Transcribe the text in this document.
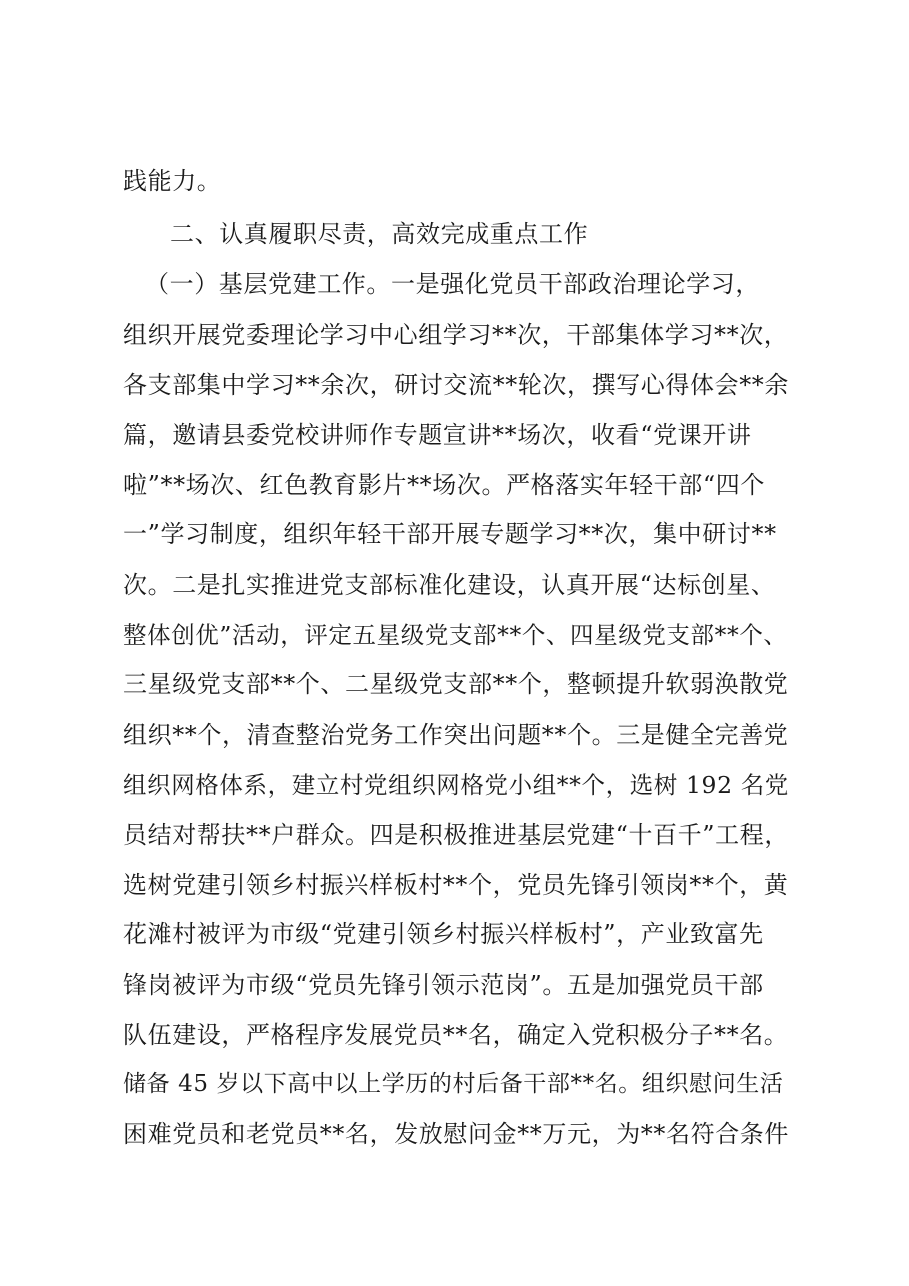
践能力。
二、认真履职尽责，高效完成重点工作
（一）基层党建工作。一是强化党员干部政治理论学习，
组织开展党委理论学习中心组学习**次，干部集体学习**次，
各支部集中学习**余次，研讨交流**轮次，撰写心得体会**余
篇，邀请县委党校讲师作专题宣讲**场次，收看“党课开讲
啦”**场次、红色教育影片**场次。严格落实年轻干部“四个
一”学习制度，组织年轻干部开展专题学习**次，集中研讨**
次。二是扎实推进党支部标准化建设，认真开展“达标创星、
整体创优”活动，评定五星级党支部**个、四星级党支部**个、
三星级党支部**个、二星级党支部**个，整顿提升软弱涣散党
组织**个，清查整治党务工作突出问题**个。三是健全完善党
组织网格体系，建立村党组织网格党小组**个，选树 192 名党
员结对帮扶**户群众。四是积极推进基层党建“十百千”工程，
选树党建引领乡村振兴样板村**个，党员先锋引领岗**个，黄
花滩村被评为市级“党建引领乡村振兴样板村”，产业致富先
锋岗被评为市级“党员先锋引领示范岗”。五是加强党员干部
队伍建设，严格程序发展党员**名，确定入党积极分子**名。
储备 45 岁以下高中以上学历的村后备干部**名。组织慰问生活
困难党员和老党员**名，发放慰问金**万元，为**名符合条件
